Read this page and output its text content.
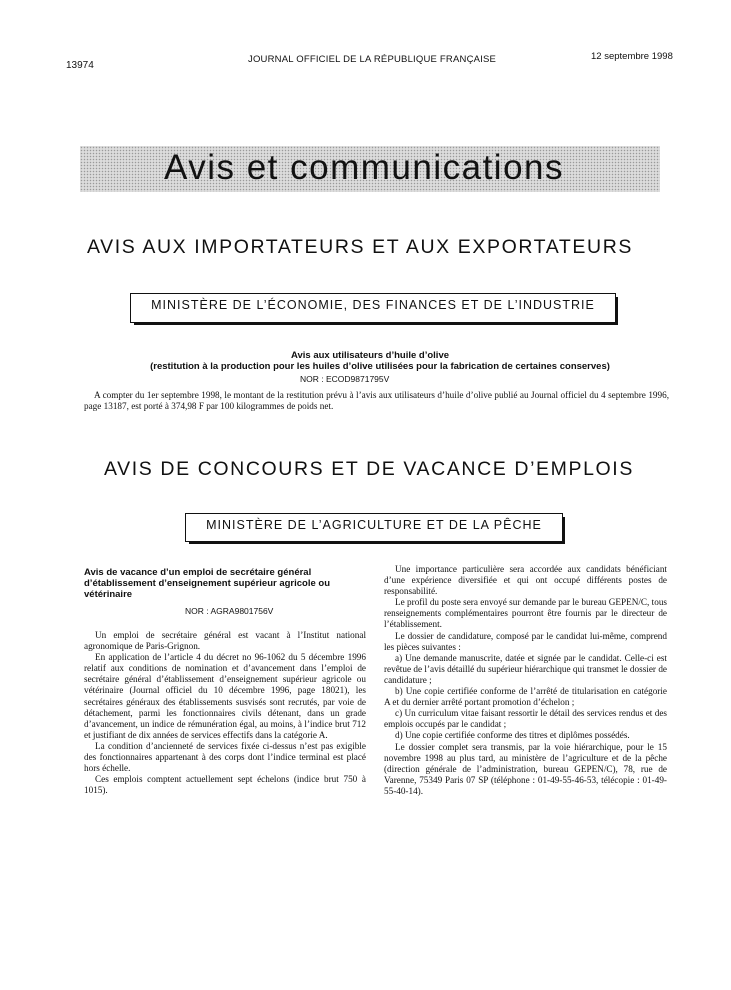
13974
JOURNAL OFFICIEL DE LA RÉPUBLIQUE FRANÇAISE	12 septembre 1998
Avis et communications
AVIS AUX IMPORTATEURS ET AUX EXPORTATEURS
MINISTÈRE DE L’ÉCONOMIE, DES FINANCES ET DE L’INDUSTRIE
Avis aux utilisateurs d’huile d’olive
(restitution à la production pour les huiles d’olive utilisées pour la fabrication de certaines conserves)
NOR : ECOD9871795V
A compter du 1er septembre 1998, le montant de la restitution prévu à l’avis aux utilisateurs d’huile d’olive publié au Journal officiel du 4 septembre 1996, page 13187, est porté à 374,98 F par 100 kilogrammes de poids net.
AVIS DE CONCOURS ET DE VACANCE D’EMPLOIS
MINISTÈRE DE L’AGRICULTURE ET DE LA PÊCHE
Avis de vacance d’un emploi de secrétaire général d’établissement d’enseignement supérieur agricole ou vétérinaire
NOR : AGRA9801756V

Un emploi de secrétaire général est vacant à l’Institut national agronomique de Paris-Grignon.

En application de l’article 4 du décret no 96-1062 du 5 décembre 1996 relatif aux conditions de nomination et d’avancement dans l’emploi de secrétaire général d’établissement d’enseignement supérieur agricole ou vétérinaire (Journal officiel du 10 décembre 1996, page 18021), les secrétaires généraux des établissements susvisés sont recrutés, par voie de détachement, parmi les fonctionnaires civils détenant, dans un grade d’avancement, un indice de rémunération égal, au moins, à l’indice brut 712 et justifiant de dix années de services effectifs dans la catégorie A.

La condition d’ancienneté de services fixée ci-dessus n’est pas exigible des fonctionnaires appartenant à des corps dont l’indice terminal est placé hors échelle.

Ces emplois comptent actuellement sept échelons (indice brut 750 à 1015).

Une importance particulière sera accordée aux candidats bénéficiant d’une expérience diversifiée et qui ont occupé différents postes de responsabilité.

Le profil du poste sera envoyé sur demande par le bureau GEPEN/C, tous renseignements complémentaires pourront être fournis par le directeur de l’établissement.

Le dossier de candidature, composé par le candidat lui-même, comprend les pièces suivantes :

a) Une demande manuscrite, datée et signée par le candidat. Celle-ci est revêtue de l’avis détaillé du supérieur hiérarchique qui transmet le dossier de candidature ;

b) Une copie certifiée conforme de l’arrêté de titularisation en catégorie A et du dernier arrêté portant promotion d’échelon ;

c) Un curriculum vitae faisant ressortir le détail des services rendus et des emplois occupés par le candidat ;

d) Une copie certifiée conforme des titres et diplômes possédés.

Le dossier complet sera transmis, par la voie hiérarchique, pour le 15 novembre 1998 au plus tard, au ministère de l’agriculture et de la pêche (direction générale de l’administration, bureau GEPEN/C), 78, rue de Varenne, 75349 Paris 07 SP (téléphone : 01-49-55-46-53, télécopie : 01-49-55-40-14).
